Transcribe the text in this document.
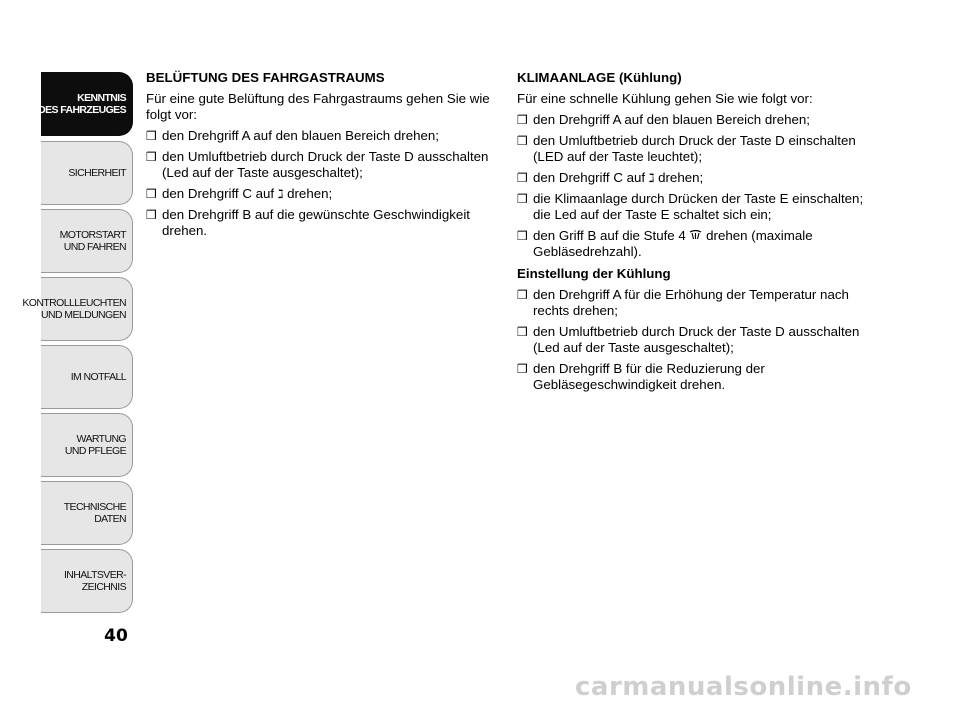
KENNTNIS
DES FAHRZEUGES
SICHERHEIT
MOTORSTART
UND FAHREN
KONTROLLLEUCHTEN
UND MELDUNGEN
IM NOTFALL
WARTUNG
UND PFLEGE
TECHNISCHE
DATEN
INHALTSVER-
ZEICHNIS
40
BELÜFTUNG DES FAHRGASTRAUMS
Für eine gute Belüftung des Fahrgastraums gehen Sie wie folgt vor:
❒ den Drehgriff A auf den blauen Bereich drehen;
❒ den Umluftbetrieb durch Druck der Taste D ausschalten (Led auf der Taste ausgeschaltet);
❒ den Drehgriff C auf ℷ drehen;
❒ den Drehgriff B auf die gewünschte Geschwindigkeit drehen.
KLIMAANLAGE (Kühlung)
Für eine schnelle Kühlung gehen Sie wie folgt vor:
❒ den Drehgriff A auf den blauen Bereich drehen;
❒ den Umluftbetrieb durch Druck der Taste D einschalten (LED auf der Taste leuchtet);
❒ den Drehgriff C auf ℷ drehen;
❒ die Klimaanlage durch Drücken der Taste E einschalten; die Led auf der Taste E schaltet sich ein;
❒ den Griff B auf die Stufe 4  drehen (maximale
Gebläsedrehzahl).
Einstellung der Kühlung
❒ den Drehgriff A für die Erhöhung der Temperatur nach rechts drehen;
❒ den Umluftbetrieb durch Druck der Taste D ausschalten (Led auf der Taste ausgeschaltet);
❒ den Drehgriff B für die Reduzierung der Gebläsegeschwindigkeit drehen.
carmanualsonline.info
